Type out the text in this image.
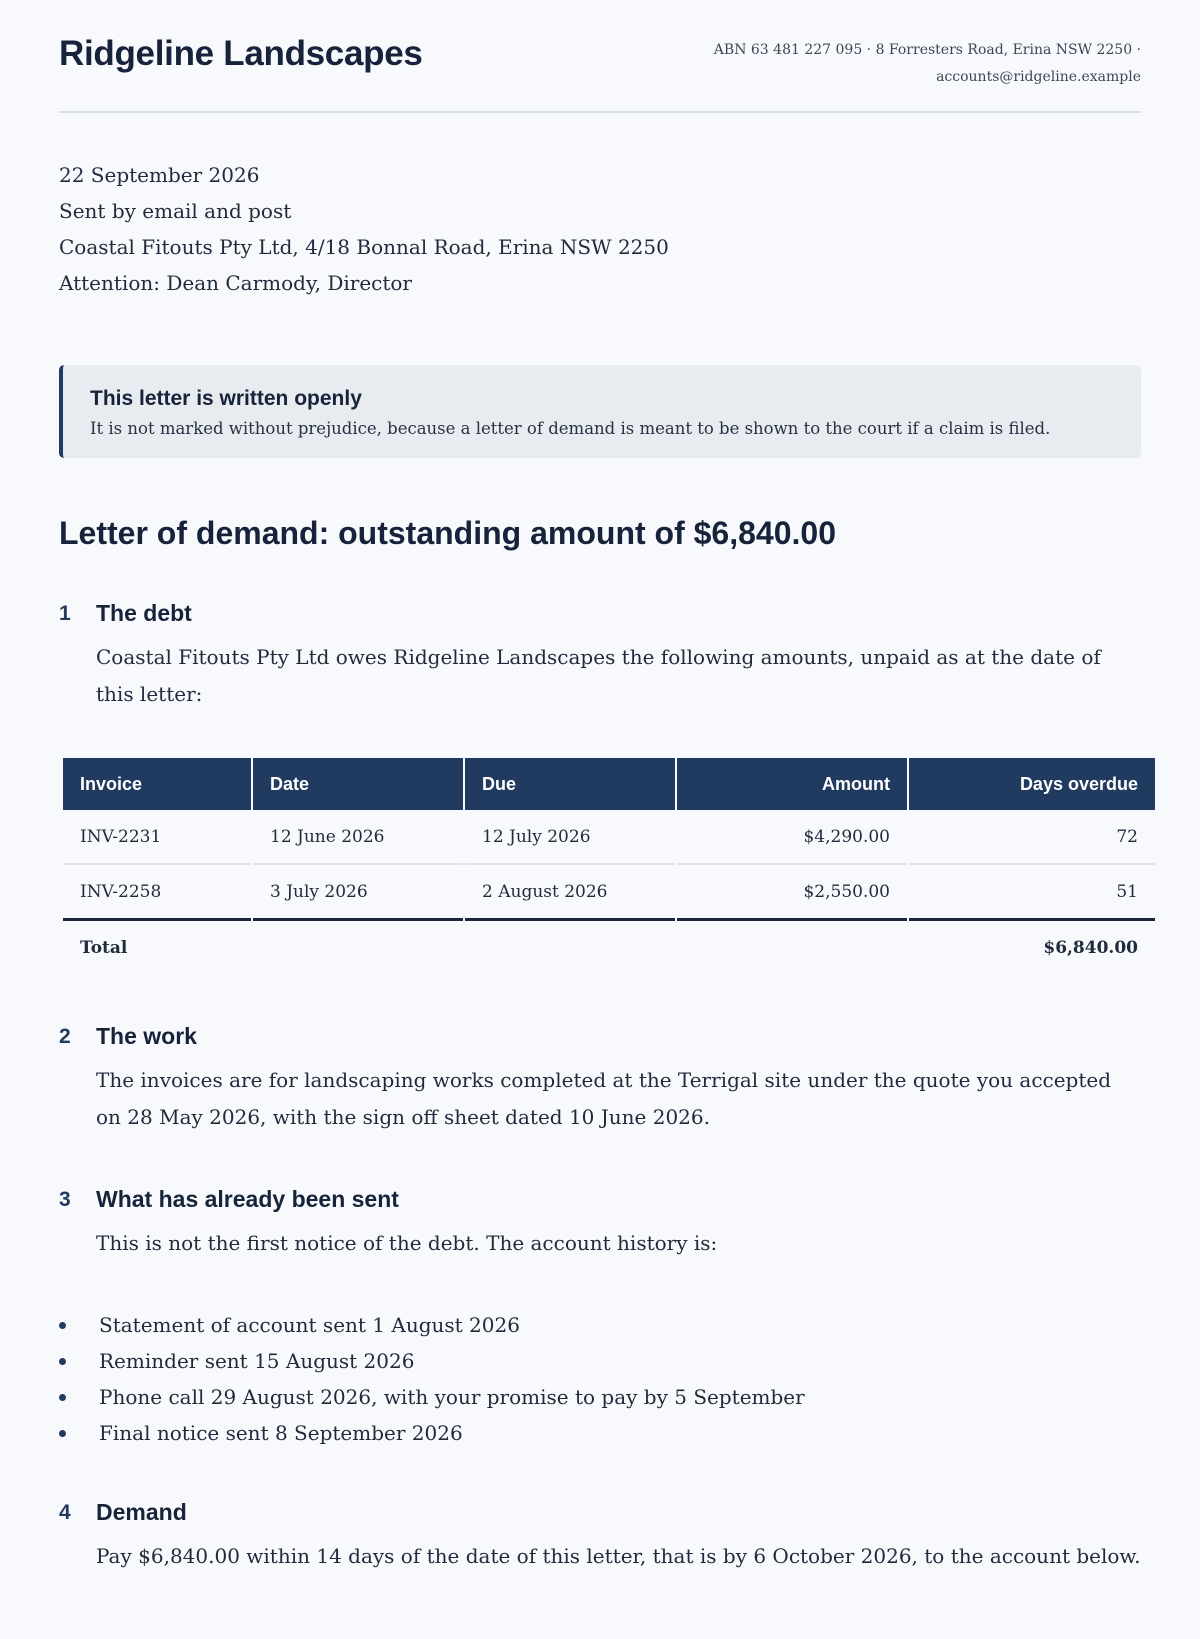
Ridgeline Landscapes	ABN 63 481 227 095 · 8 Forresters Road, Erina NSW 2250 ·
accounts@ridgeline.example
22 September 2026
Sent by email and post
Coastal Fitouts Pty Ltd, 4/18 Bonnal Road, Erina NSW 2250
Attention: Dean Carmody, Director
This letter is written openly
It is not marked without prejudice, because a letter of demand is meant to be shown to the court if a claim is filed.
Letter of demand: outstanding amount of $6,840.00
1 The debt
Coastal Fitouts Pty Ltd owes Ridgeline Landscapes the following amounts, unpaid as at the date of this letter:
Invoice	Date	Due	Amount	Days overdue
INV-2231	12 June 2026	12 July 2026	$4,290.00	72
INV-2258	3 July 2026	2 August 2026	$2,550.00	51
Total				$6,840.00
2 The work
The invoices are for landscaping works completed at the Terrigal site under the quote you accepted on 28 May 2026, with the sign off sheet dated 10 June 2026.
3 What has already been sent
This is not the first notice of the debt. The account history is:
Statement of account sent 1 August 2026
Reminder sent 15 August 2026
Phone call 29 August 2026, with your promise to pay by 5 September
Final notice sent 8 September 2026
4 Demand
Pay $6,840.00 within 14 days of the date of this letter, that is by 6 October 2026, to the account below.
